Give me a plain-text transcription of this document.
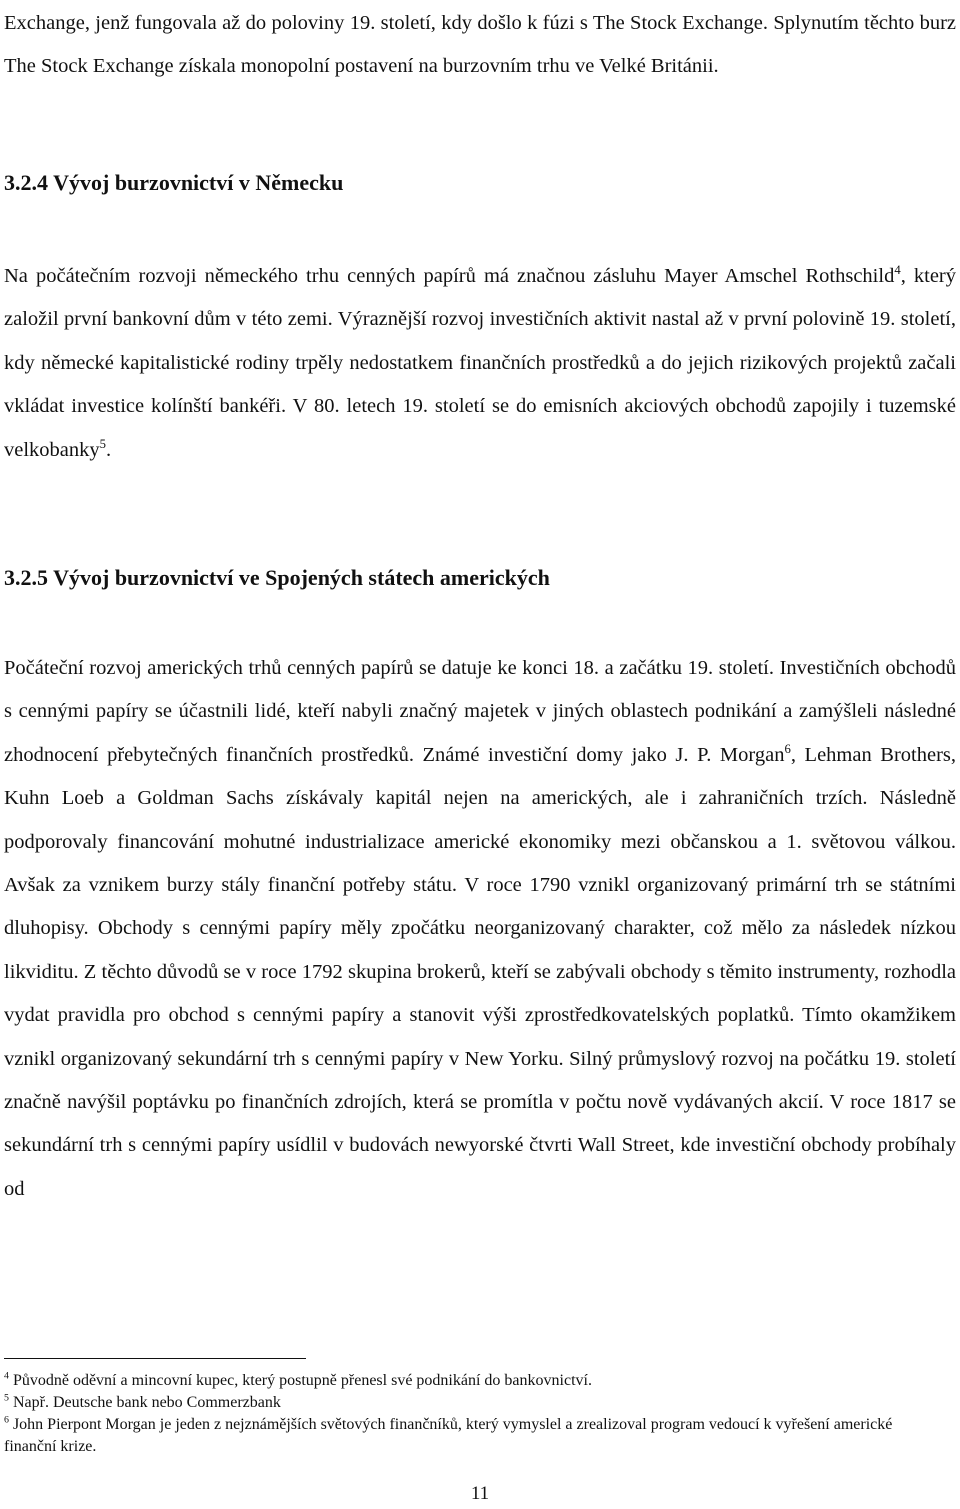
Exchange, jenž fungovala až do poloviny 19. století, kdy došlo k fúzi s The Stock Exchange. Splynutím těchto burz The Stock Exchange získala monopolní postavení na burzovním trhu ve Velké Británii.

3.2.4 Vývoj burzovnictví v Německu

Na počátečním rozvoji německého trhu cenných papírů má značnou zásluhu Mayer Amschel Rothschild$^4$, který založil první bankovní dům v této zemi. Výraznější rozvoj investičních aktivit nastal až v první polovině 19. století, kdy německé kapitalistické rodiny trpěly nedostatkem finančních prostředků a do jejich rizikových projektů začali vkládat investice kolínští bankéři. V 80. letech 19. století se do emisních akciových obchodů zapojily i tuzemské velkobanky$^5$.

3.2.5 Vývoj burzovnictví ve Spojených státech amerických

Počáteční rozvoj amerických trhů cenných papírů se datuje ke konci 18. a začátku 19. století. Investičních obchodů s cennými papíry se účastnili lidé, kteří nabyli značný majetek v jiných oblastech podnikání a zamýšleli následné zhodnocení přebytečných finančních prostředků. Známé investiční domy jako J. P. Morgan$^6$, Lehman Brothers, Kuhn Loeb a Goldman Sachs získávaly kapitál nejen na amerických, ale i zahraničních trzích. Následně podporovaly financování mohutné industrializace americké ekonomiky mezi občanskou a 1. světovou válkou. Avšak za vznikem burzy stály finanční potřeby státu. V roce 1790 vznikl organizovaný primární trh se státními dluhopisy. Obchody s cennými papíry měly zpočátku neorganizovaný charakter, což mělo za následek nízkou likviditu. Z těchto důvodů se v roce 1792 skupina brokerů, kteří se zabývali obchody s těmito instrumenty, rozhodla vydat pravidla pro obchod s cennými papíry a stanovit výši zprostředkovatelských poplatků. Tímto okamžikem vznikl organizovaný sekundární trh s cennými papíry v New Yorku. Silný průmyslový rozvoj na počátku 19. století značně navýšil poptávku po finančních zdrojích, která se promítla v počtu nově vydávaných akcií. V roce 1817 se sekundární trh s cennými papíry usídlil v budovách newyorské čtvrti Wall Street, kde investiční obchody probíhaly od

$^4$ Původně oděvní a mincovní kupec, který postupně přenesl své podnikání do bankovnictví.

$^5$ Např. Deutsche bank nebo Commerzbank

$^6$ John Pierpont Morgan je jeden z nejznámějších světových finančníků, který vymyslel a zrealizoval program vedoucí k vyřešení americké finanční krize.

11
